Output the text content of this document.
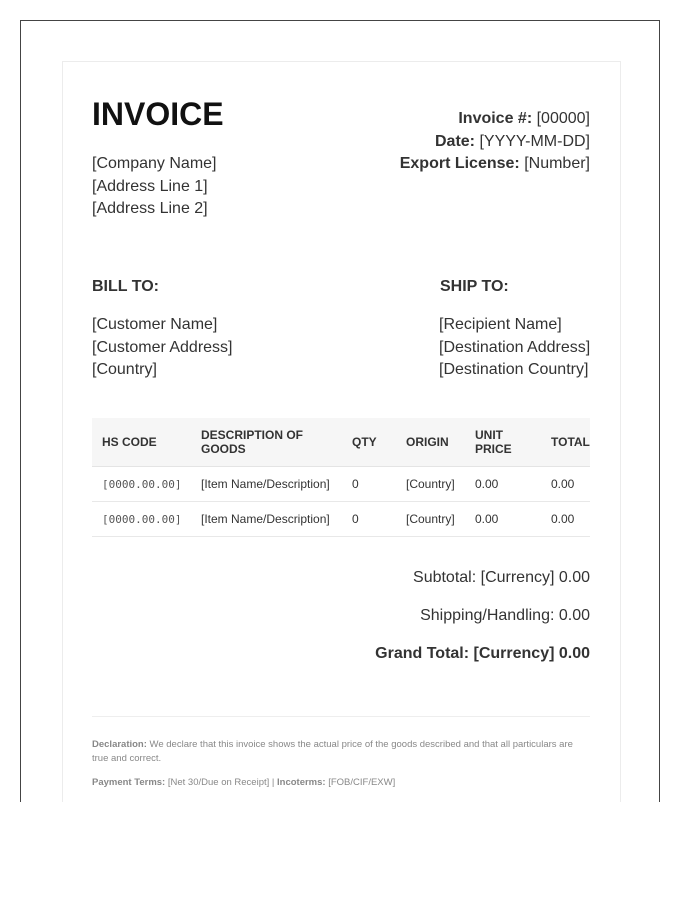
INVOICE
[Company Name]
[Address Line 1]
[Address Line 2]
Invoice #: [00000]
Date: [YYYY-MM-DD]
Export License: [Number]
BILL TO:	SHIP TO:
[Customer Name]
[Customer Address]
[Country]
[Recipient Name]
[Destination Address]
[Destination Country]
HS CODE	DESCRIPTION OF GOODS	QTY	ORIGIN	UNIT PRICE	TOTAL
[0000.00.00]	[Item Name/Description]	0	[Country]	0.00	0.00
[0000.00.00]	[Item Name/Description]	0	[Country]	0.00	0.00
Subtotal: [Currency] 0.00
Shipping/Handling: 0.00
Grand Total: [Currency] 0.00
Declaration: We declare that this invoice shows the actual price of the goods described and that all particulars are true and correct.
Payment Terms: [Net 30/Due on Receipt] | Incoterms: [FOB/CIF/EXW]
